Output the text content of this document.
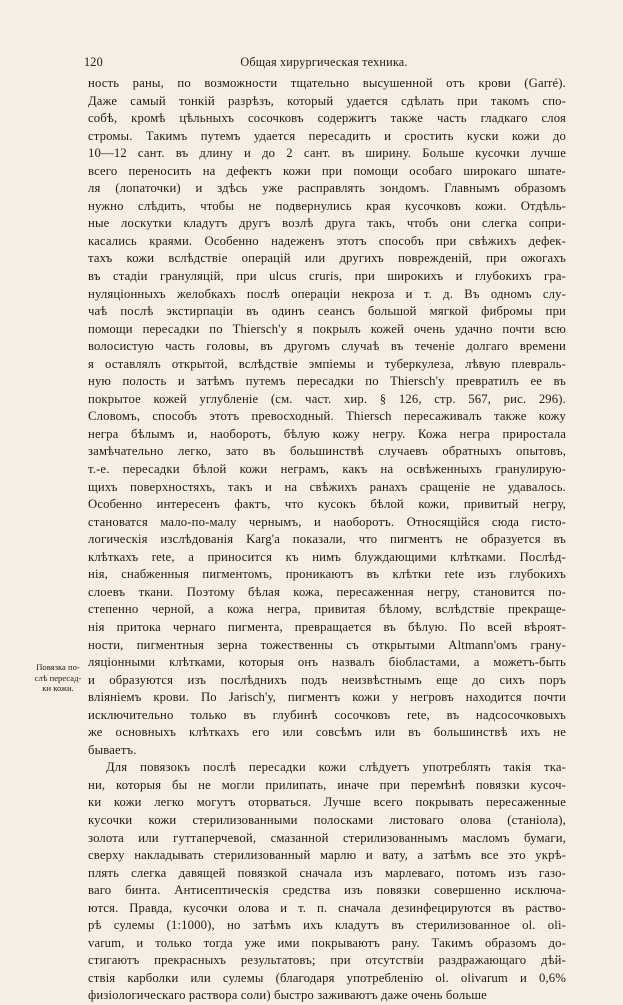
120	Общая хирургическая техника.
Повязка по-
слѣ пересад-
ки кожи.
ность раны, по возможности тщательно высушенной отъ крови (Garré).
Даже самый тонкій разрѣзъ, который удается сдѣлать при такомъ спо-
собѣ, кромѣ цѣльныхъ сосочковъ содержитъ также часть гладкаго слоя
стромы. Такимъ путемъ удается пересадить и сростить куски кожи до
10—12 сант. въ длину и до 2 сант. въ ширину. Больше кусочки лучше
всего переносить на дефектъ кожи при помощи особаго широкаго шпате-
ля (лопаточки) и здѣсь уже расправлять зондомъ. Главнымъ образомъ
нужно слѣдить, чтобы не подвернулись края кусочковъ кожи. Отдѣль-
ные лоскутки кладутъ другъ возлѣ друга такъ, чтобъ они слегка сопри-
касались краями. Особенно надеженъ этотъ способъ при свѣжихъ дефек-
тахъ кожи вслѣдствіе операцій или другихъ поврежденій, при ожогахъ
въ стадіи грануляцій, при ulcus cruris, при широкихъ и глубокихъ гра-
нуляціонныхъ желобкахъ послѣ операціи некроза и т. д. Въ одномъ слу-
чаѣ послѣ экстирпаціи въ одинъ сеансъ большой мягкой фибромы при
помощи пересадки по Thiersch'у я покрылъ кожей очень удачно почти всю
волосистую часть головы, въ другомъ случаѣ въ теченіе долгаго времени
я оставлялъ открытой, вслѣдствіе эмпіемы и туберкулеза, лѣвую плевраль-
ную полость и затѣмъ путемъ пересадки по Thiersch'у превратилъ ее въ
покрытое кожей углубленіе (см. част. хир. § 126, стр. 567, рис. 296).
Словомъ, способъ этотъ превосходный. Thiersch пересаживалъ также кожу
негра бѣлымъ и, наоборотъ, бѣлую кожу негру. Кожа негра приростала
замѣчательно легко, зато въ большинствѣ случаевъ обратныхъ опытовъ,
т.-е. пересадки бѣлой кожи неграмъ, какъ на освѣженныхъ гранулирую-
щихъ поверхностяхъ, такъ и на свѣжихъ ранахъ сращеніе не удавалось.
Особенно интересенъ фактъ, что кусокъ бѣлой кожи, привитый негру,
становатся мало-по-малу чернымъ, и наоборотъ. Относящійся сюда гисто-
логическія изслѣдованія Karg'а показали, что пигментъ не образуется въ
клѣткахъ rete, а приносится къ нимъ блуждающими клѣтками. Послѣд-
нія, снабженныя пигментомъ, проникаютъ въ клѣтки rete изъ глубокихъ
слоевъ ткани. Поэтому бѣлая кожа, пересаженная негру, становится по-
степенно черной, а кожа негра, привитая бѣлому, вслѣдствіе прекраще-
нія притока чернаго пигмента, превращается въ бѣлую. По всей вѣроят-
ности, пигментныя зерна тожественны съ открытыми Altmann'омъ грану-
ляціонными клѣтками, которыя онъ назвалъ біобластами, а можетъ-быть
и образуются изъ послѣднихъ подъ неизвѣстнымъ еще до сихъ поръ
вліяніемъ крови. По Jarisch'у, пигментъ кожи у негровъ находится почти
исключительно только въ глубинѣ сосочковъ rete, въ надсосочковыхъ
же основныхъ клѣткахъ его или совсѣмъ или въ большинствѣ ихъ не
бываетъ.
Для повязокъ послѣ пересадки кожи слѣдуетъ употреблять такія тка-
ни, которыя бы не могли прилипать, иначе при перемѣнѣ повязки кусоч-
ки кожи легко могутъ оторваться. Лучше всего покрывать пересаженные
кусочки кожи стерилизованными полосками листоваго олова (станіола),
золота или гуттаперчевой, смазанной стерилизованнымъ масломъ бумаги,
сверху накладывать стерилизованный марлю и вату, а затѣмъ все это укрѣ-
плять слегка давящей повязкой сначала изъ марлеваго, потомъ изъ газо-
ваго бинта. Антисептическія средства изъ повязки совершенно исключа-
ются. Правда, кусочки олова и т. п. сначала дезинфецируются въ раство-
рѣ сулемы (1:1000), но затѣмъ ихъ кладутъ въ стерилизованное ol. oli-
varum, и только тогда уже ими покрываютъ рану. Такимъ образомъ до-
стигаютъ прекрасныхъ результатовъ; при отсутствіи раздражающаго дѣй-
ствія карболки или сулемы (благодаря употребленію ol. olivarum и 0,6%
физіологическаго раствора соли) быстро заживаютъ даже очень больше
